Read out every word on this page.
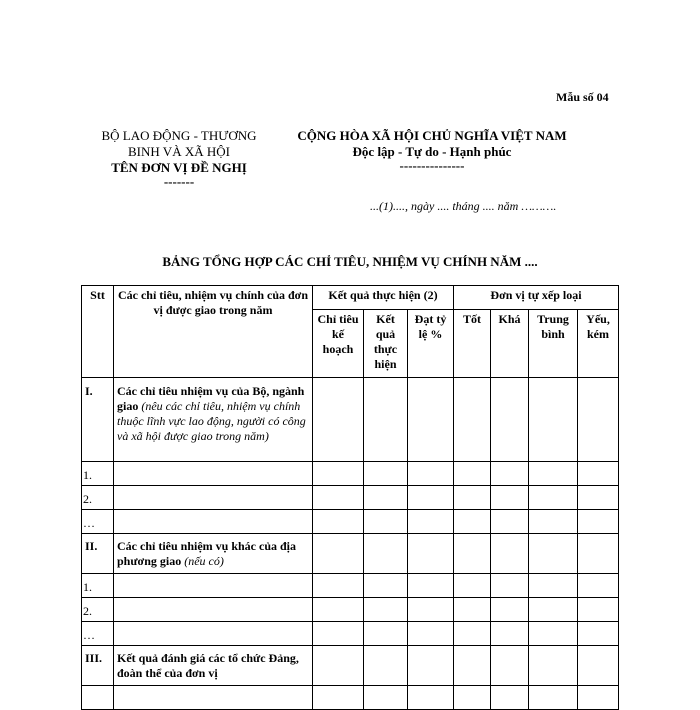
Mẫu số 04
BỘ LAO ĐỘNG - THƯƠNG
BINH VÀ XÃ HỘI
TÊN ĐƠN VỊ ĐỀ NGHỊ
-------
CỘNG HÒA XÃ HỘI CHỦ NGHĨA VIỆT NAM
Độc lập - Tự do - Hạnh phúc
---------------
...(1)...., ngày .... tháng .... năm ……….
BẢNG TỔNG HỢP CÁC CHỈ TIÊU, NHIỆM VỤ CHÍNH NĂM ....
Stt	Các chỉ tiêu, nhiệm vụ chính của đơn vị được giao trong năm	Kết quả thực hiện (2)			Đơn vị tự xếp loại			
		Chỉ tiêu kế hoạch	Kết quả thực hiện	Đạt tỷ lệ %	Tốt	Khá	Trung bình	Yếu, kém
I.	Các chỉ tiêu nhiệm vụ của Bộ, ngành giao (nêu các chỉ tiêu, nhiệm vụ chính thuộc lĩnh vực lao động, người có công và xã hội được giao trong năm)							
1.								
2.								
…								
II.	Các chỉ tiêu nhiệm vụ khác của địa phương giao (nếu có)							
1.								
2.								
…								
III.	Kết quả đánh giá các tổ chức Đảng, đoàn thể của đơn vị							
